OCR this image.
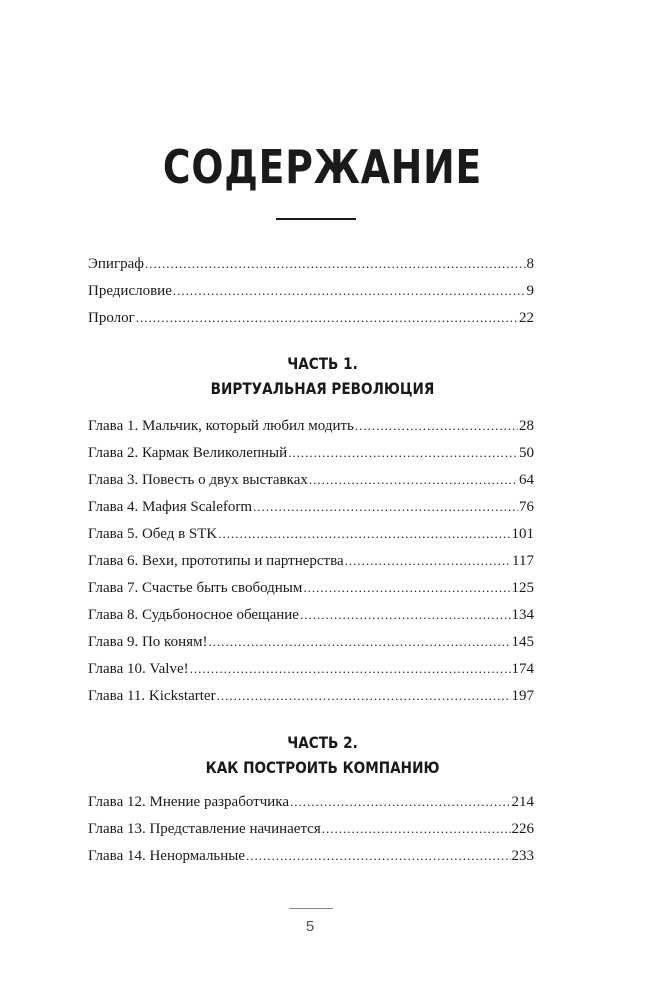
СОДЕРЖАНИЕ
Эпиграф .....	8
Предисловие .....	9
Пролог .....	22
ЧАСТЬ 1.
ВИРТУАЛЬНАЯ РЕВОЛЮЦИЯ
Глава 1. Мальчик, который любил модить .....	28
Глава 2. Кармак Великолепный .....	50
Глава 3. Повесть о двух выставках .....	64
Глава 4. Мафия Scaleform .....	76
Глава 5. Обед в STK .....	101
Глава 6. Вехи, прототипы и партнерства .....	117
Глава 7. Счастье быть свободным .....	125
Глава 8. Судьбоносное обещание .....	134
Глава 9. По коням! .....	145
Глава 10. Valve! .....	174
Глава 11. Kickstarter .....	197
ЧАСТЬ 2.
КАК ПОСТРОИТЬ КОМПАНИЮ
Глава 12. Мнение разработчика .....	214
Глава 13. Представление начинается .....	226
Глава 14. Ненормальные .....	233
5
